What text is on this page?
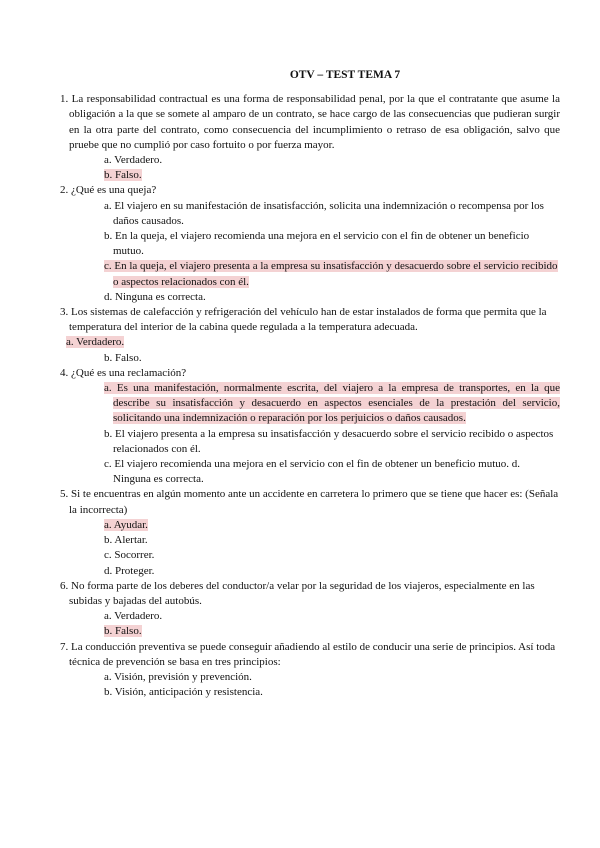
OTV – TEST TEMA 7

1. La responsabilidad contractual es una forma de responsabilidad penal, por la que el contratante que asume la obligación a la que se somete al amparo de un contrato, se hace cargo de las consecuencias que pudieran surgir en la otra parte del contrato, como consecuencia del incumplimiento o retraso de esa obligación, salvo que pruebe que no cumplió por caso fortuito o por fuerza mayor.

a. Verdadero.

b. Falso.

2. ¿Qué es una queja?

a. El viajero en su manifestación de insatisfacción, solicita una indemnización o recompensa por los daños causados.

b. En la queja, el viajero recomienda una mejora en el servicio con el fin de obtener un beneficio mutuo.

c. En la queja, el viajero presenta a la empresa su insatisfacción y desacuerdo sobre el servicio recibido o aspectos relacionados con él.

d. Ninguna es correcta.

3. Los sistemas de calefacción y refrigeración del vehículo han de estar instalados de forma que permita que la temperatura del interior de la cabina quede regulada a la temperatura adecuada.

a. Verdadero.

b. Falso.

4. ¿Qué es una reclamación?

a. Es una manifestación, normalmente escrita, del viajero a la empresa de transportes, en la que describe su insatisfacción y desacuerdo en aspectos esenciales de la prestación del servicio, solicitando una indemnización o reparación por los perjuicios o daños causados.

b. El viajero presenta a la empresa su insatisfacción y desacuerdo sobre el servicio recibido o aspectos relacionados con él.

c. El viajero recomienda una mejora en el servicio con el fin de obtener un beneficio mutuo. d. Ninguna es correcta.

5. Si te encuentras en algún momento ante un accidente en carretera lo primero que se tiene que hacer es: (Señala la incorrecta)

a. Ayudar.

b. Alertar.

c. Socorrer.

d. Proteger.

6. No forma parte de los deberes del conductor/a velar por la seguridad de los viajeros, especialmente en las subidas y bajadas del autobús.

a. Verdadero.

b. Falso.

7. La conducción preventiva se puede conseguir añadiendo al estilo de conducir una serie de principios. Así toda técnica de prevención se basa en tres principios:

a. Visión, previsión y prevención.

b. Visión, anticipación y resistencia.
